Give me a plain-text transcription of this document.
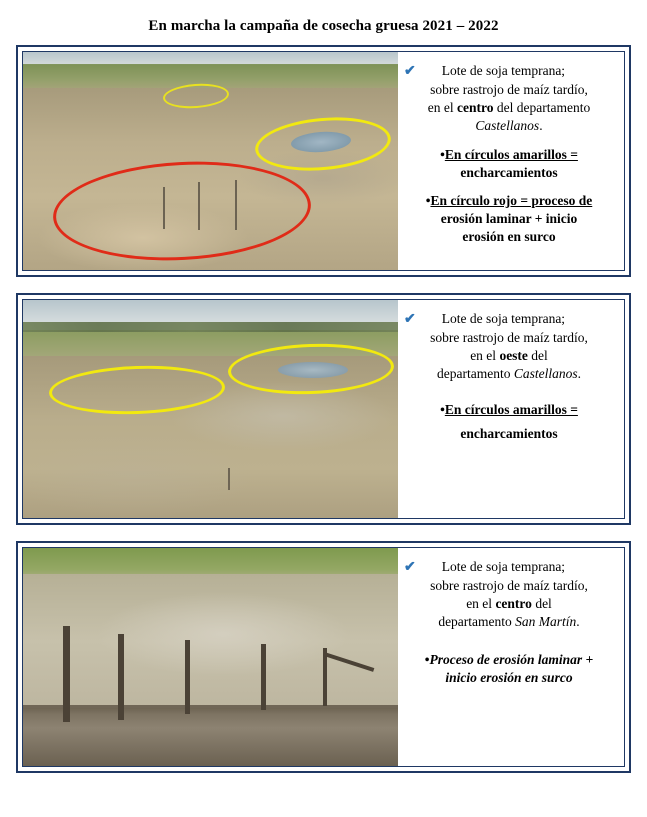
En marcha la campaña de cosecha gruesa 2021 – 2022
✔ Lote de soja temprana;
sobre rastrojo de maíz tardío,
en el centro del departamento
Castellanos.
•En círculos amarillos =
encharcamientos
•En círculo rojo = proceso de
erosión laminar + inicio
erosión en surco
✔ Lote de soja temprana;
sobre rastrojo de maíz tardío,
en el oeste del
departamento Castellanos.
•En círculos amarillos =
encharcamientos
✔ Lote de soja temprana;
sobre rastrojo de maíz tardío,
en el centro del
departamento San Martín.
•Proceso de erosión laminar +
inicio erosión en surco
